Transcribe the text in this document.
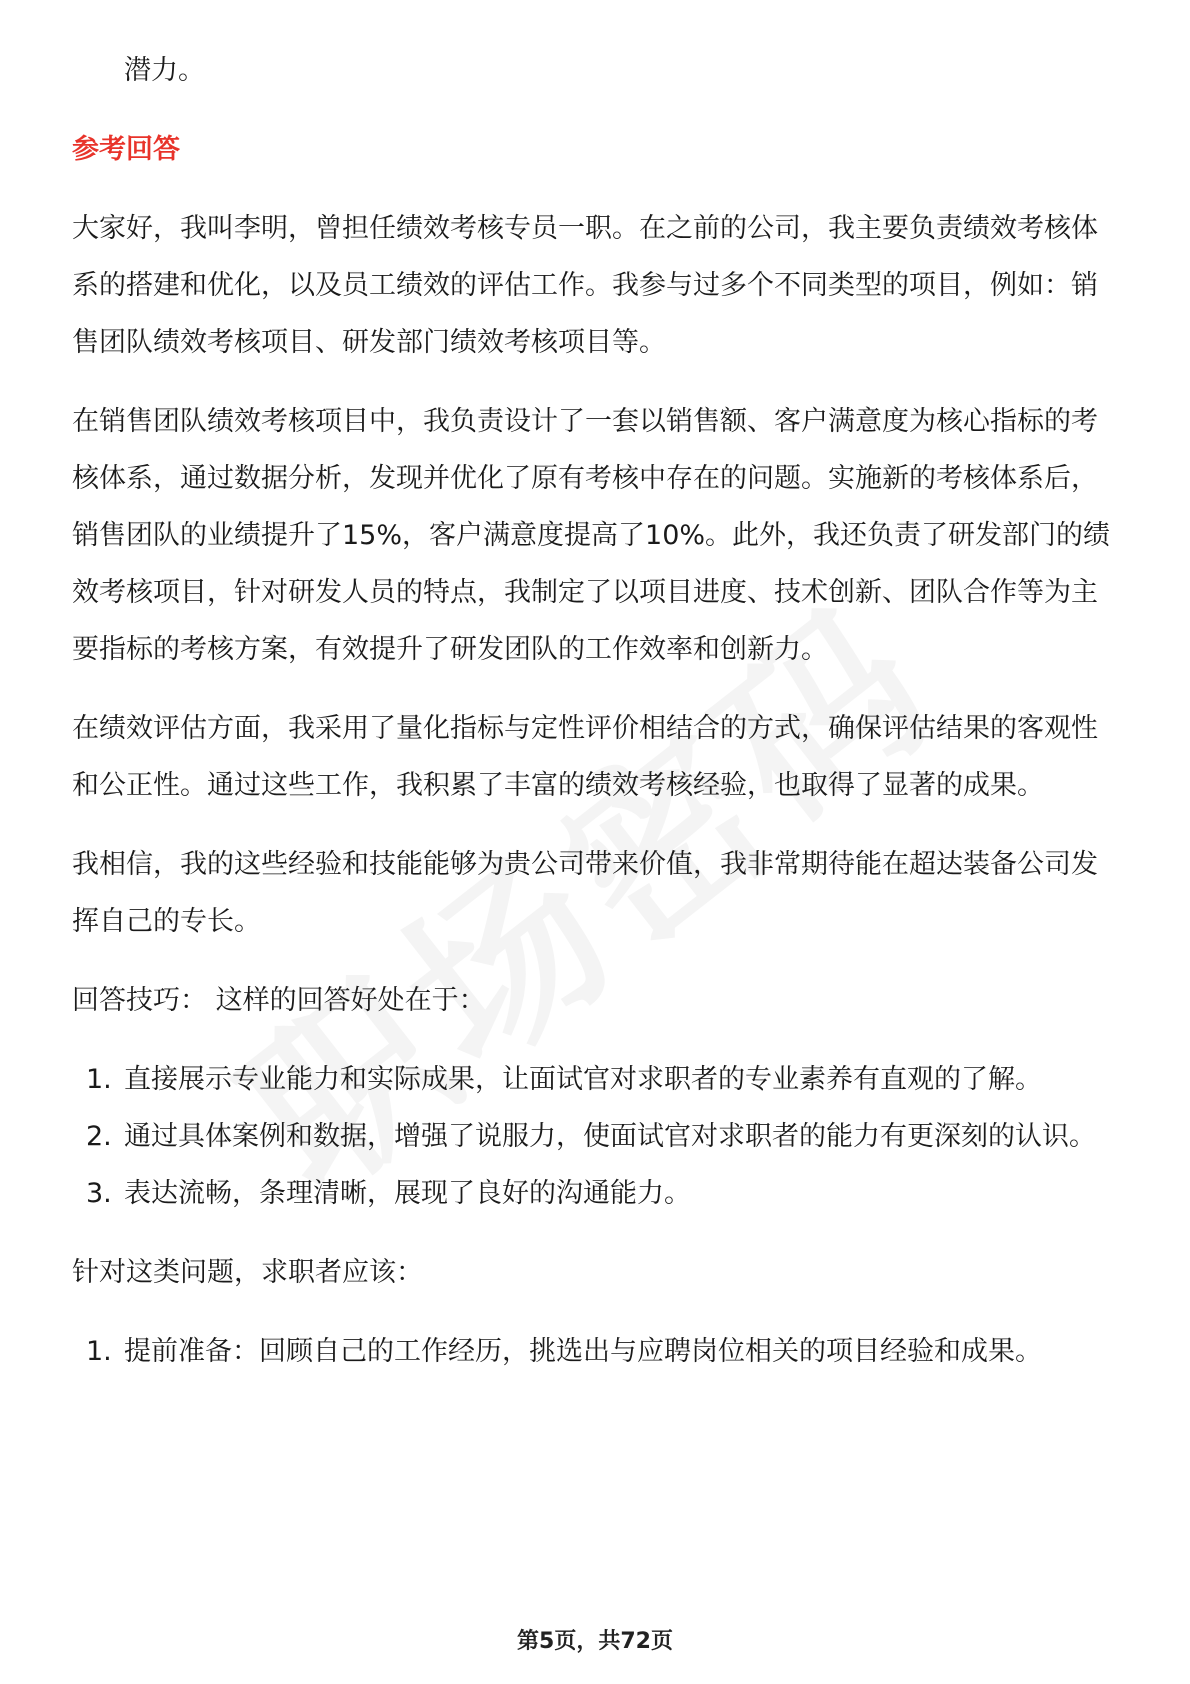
潜力。

参考回答

大家好，我叫李明，曾担任绩效考核专员一职。在之前的公司，我主要负责绩效考核体系的搭建和优化，以及员工绩效的评估工作。我参与过多个不同类型的项目，例如：销售团队绩效考核项目、研发部门绩效考核项目等。

在销售团队绩效考核项目中，我负责设计了一套以销售额、客户满意度为核心指标的考核体系，通过数据分析，发现并优化了原有考核中存在的问题。实施新的考核体系后，销售团队的业绩提升了15%，客户满意度提高了10%。此外，我还负责了研发部门的绩效考核项目，针对研发人员的特点，我制定了以项目进度、技术创新、团队合作等为主要指标的考核方案，有效提升了研发团队的工作效率和创新力。

在绩效评估方面，我采用了量化指标与定性评价相结合的方式，确保评估结果的客观性和公正性。通过这些工作，我积累了丰富的绩效考核经验，也取得了显著的成果。

我相信，我的这些经验和技能能够为贵公司带来价值，我非常期待能在超达装备公司发挥自己的专长。

回答技巧： 这样的回答好处在于：

1. 直接展示专业能力和实际成果，让面试官对求职者的专业素养有直观的了解。
2. 通过具体案例和数据，增强了说服力，使面试官对求职者的能力有更深刻的认识。
3. 表达流畅，条理清晰，展现了良好的沟通能力。

针对这类问题，求职者应该：

1. 提前准备：回顾自己的工作经历，挑选出与应聘岗位相关的项目经验和成果。
第5页，共72页
